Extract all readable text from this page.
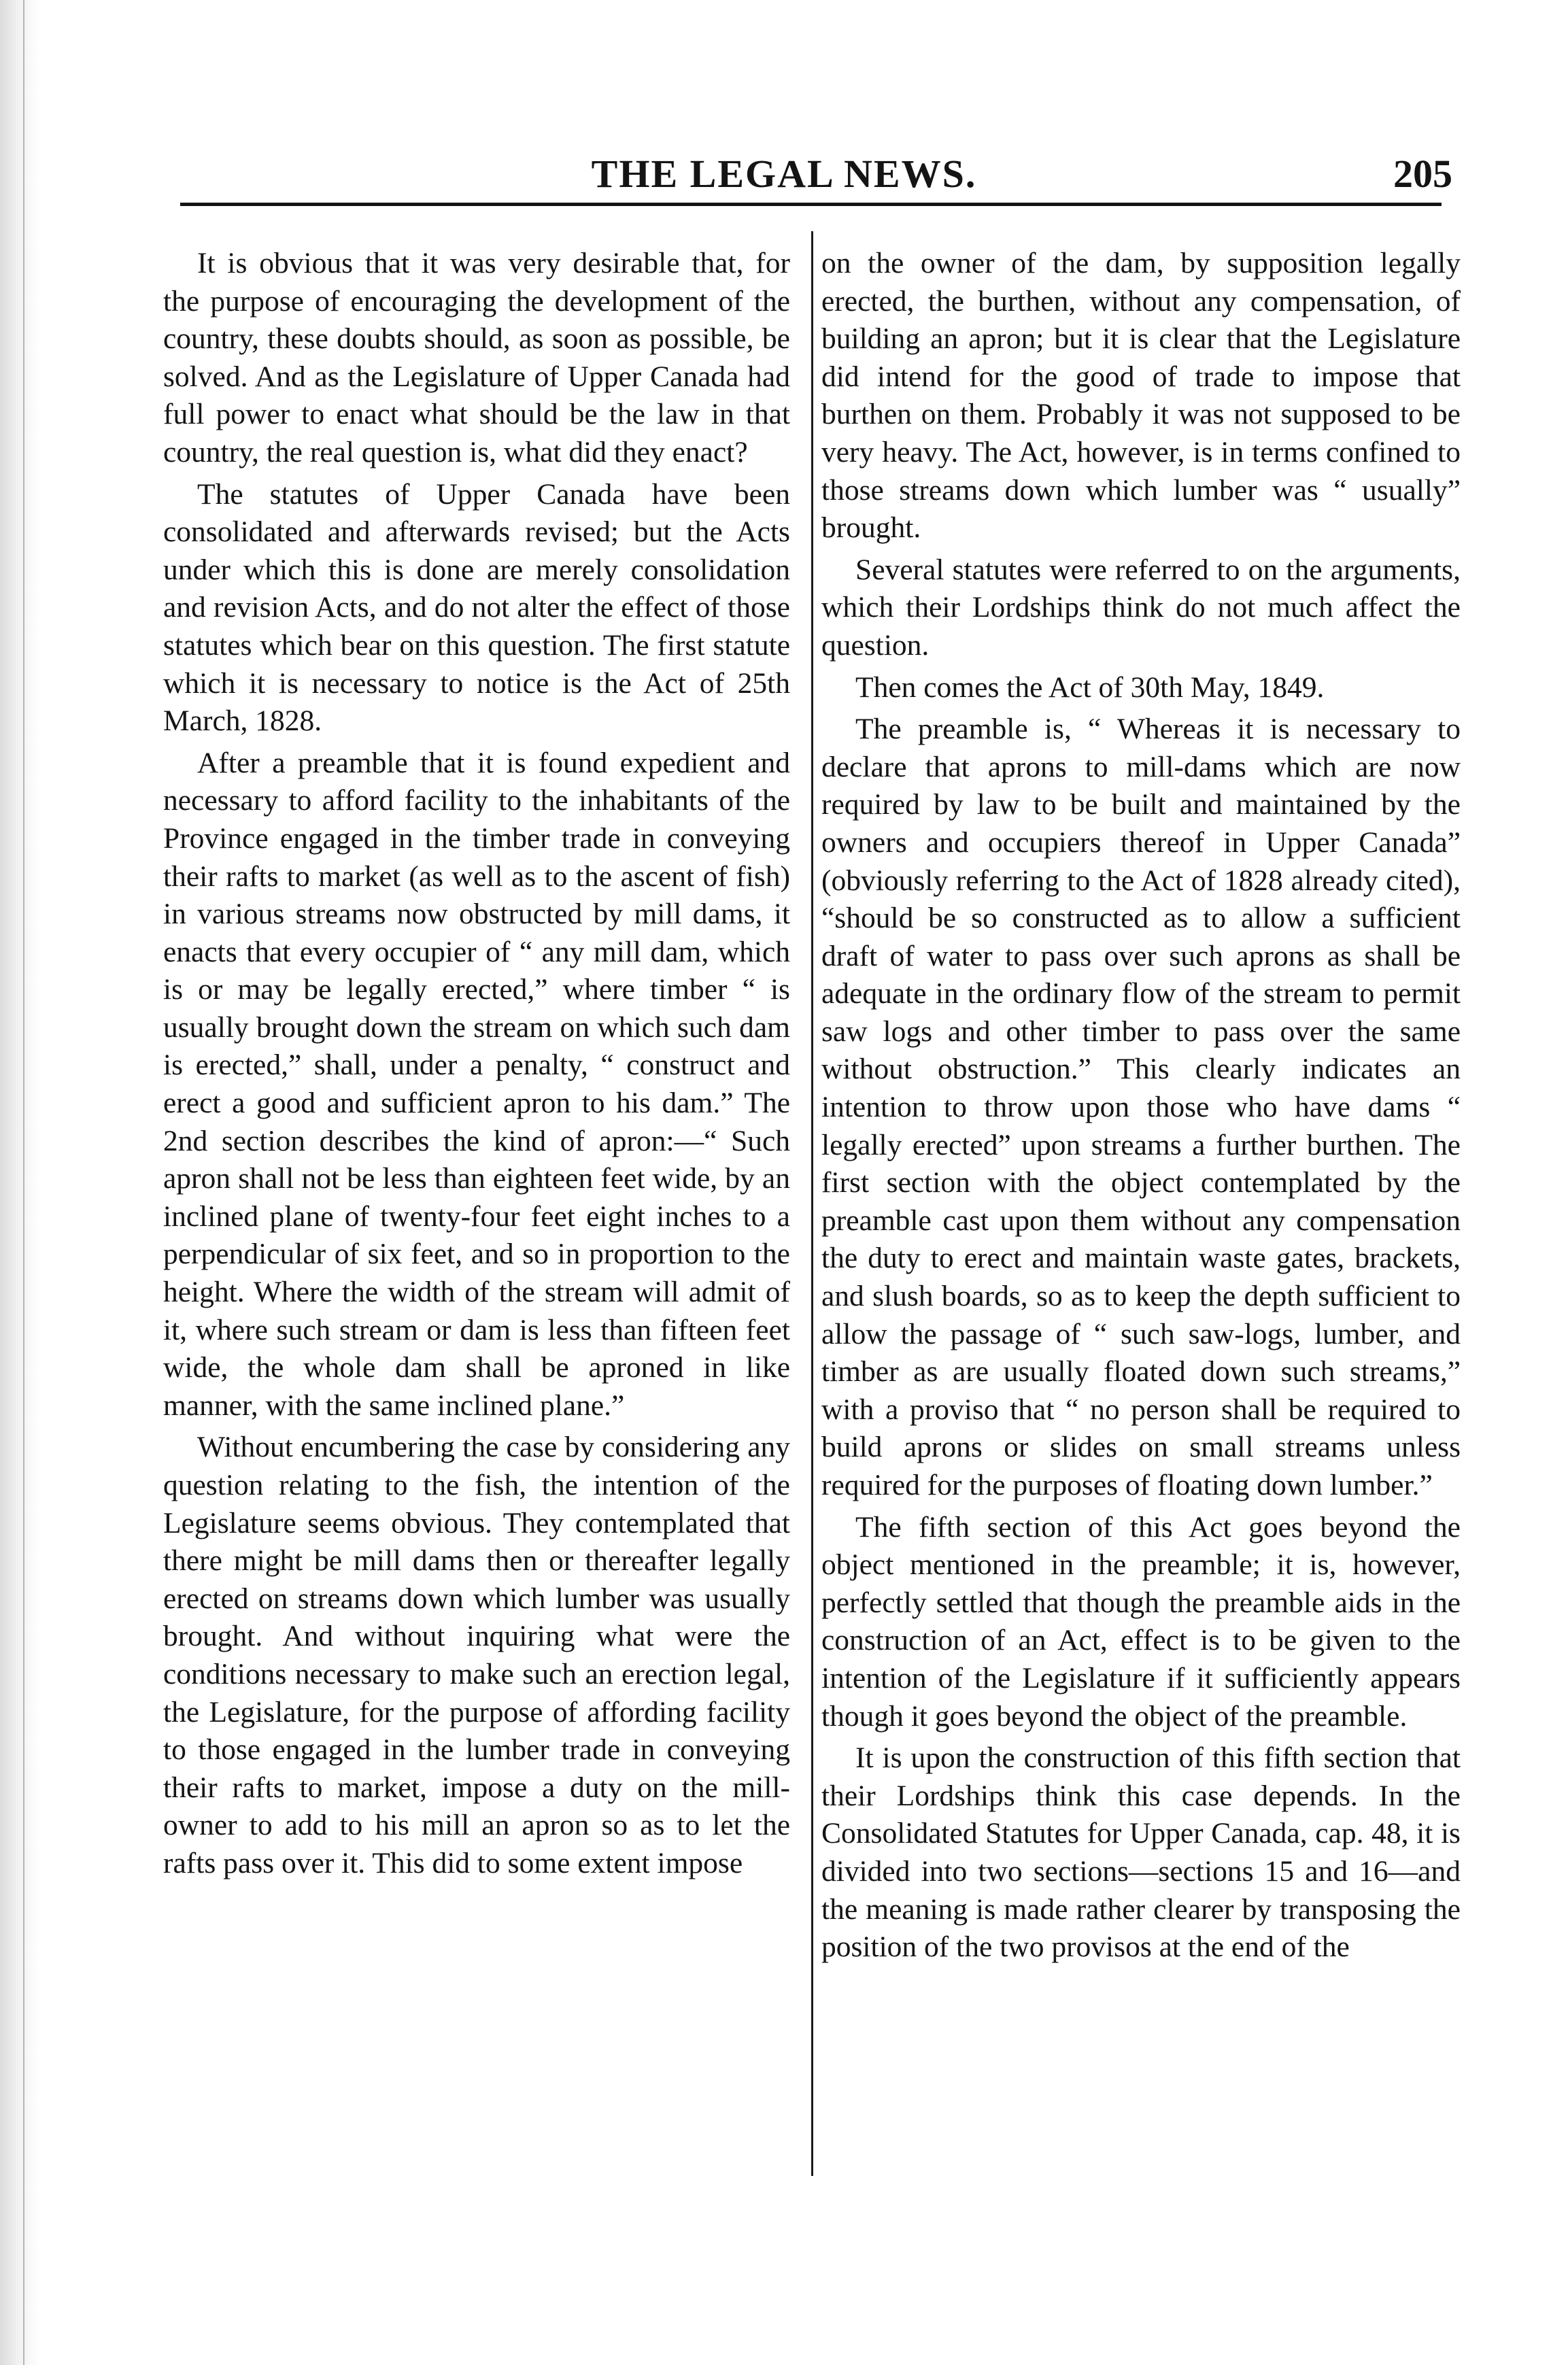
THE LEGAL NEWS.	205

It is obvious that it was very desirable that, for the purpose of encouraging the development of the country, these doubts should, as soon as possible, be solved. And as the Legislature of Upper Canada had full power to enact what should be the law in that country, the real question is, what did they enact?

The statutes of Upper Canada have been consolidated and afterwards revised; but the Acts under which this is done are merely consolidation and revision Acts, and do not alter the effect of those statutes which bear on this question. The first statute which it is necessary to notice is the Act of 25th March, 1828.

After a preamble that it is found expedient and necessary to afford facility to the inhabitants of the Province engaged in the timber trade in conveying their rafts to market (as well as to the ascent of fish) in various streams now obstructed by mill dams, it enacts that every occupier of “ any mill dam, which is or may be legally erected,” where timber “ is usually brought down the stream on which such dam is erected,” shall, under a penalty, “ construct and erect a good and sufficient apron to his dam.” The 2nd section describes the kind of apron:—“ Such apron shall not be less than eighteen feet wide, by an inclined plane of twenty-four feet eight inches to a perpendicular of six feet, and so in proportion to the height. Where the width of the stream will admit of it, where such stream or dam is less than fifteen feet wide, the whole dam shall be aproned in like manner, with the same inclined plane.”

Without encumbering the case by considering any question relating to the fish, the intention of the Legislature seems obvious. They contemplated that there might be mill dams then or thereafter legally erected on streams down which lumber was usually brought. And without inquiring what were the conditions necessary to make such an erection legal, the Legislature, for the purpose of affording facility to those engaged in the lumber trade in conveying their rafts to market, impose a duty on the mill-owner to add to his mill an apron so as to let the rafts pass over it. This did to some extent impose

on the owner of the dam, by supposition legally erected, the burthen, without any compensation, of building an apron; but it is clear that the Legislature did intend for the good of trade to impose that burthen on them. Probably it was not supposed to be very heavy. The Act, however, is in terms confined to those streams down which lumber was “ usually” brought.

Several statutes were referred to on the arguments, which their Lordships think do not much affect the question.

Then comes the Act of 30th May, 1849.

The preamble is, “ Whereas it is necessary to declare that aprons to mill-dams which are now required by law to be built and maintained by the owners and occupiers thereof in Upper Canada” (obviously referring to the Act of 1828 already cited), “should be so constructed as to allow a sufficient draft of water to pass over such aprons as shall be adequate in the ordinary flow of the stream to permit saw logs and other timber to pass over the same without obstruction.” This clearly indicates an intention to throw upon those who have dams “ legally erected” upon streams a further burthen. The first section with the object contemplated by the preamble cast upon them without any compensation the duty to erect and maintain waste gates, brackets, and slush boards, so as to keep the depth sufficient to allow the passage of “ such saw-logs, lumber, and timber as are usually floated down such streams,” with a proviso that “ no person shall be required to build aprons or slides on small streams unless required for the purposes of floating down lumber.”

The fifth section of this Act goes beyond the object mentioned in the preamble; it is, however, perfectly settled that though the preamble aids in the construction of an Act, effect is to be given to the intention of the Legislature if it sufficiently appears though it goes beyond the object of the preamble.

It is upon the construction of this fifth section that their Lordships think this case depends. In the Consolidated Statutes for Upper Canada, cap. 48, it is divided into two sections—sections 15 and 16—and the meaning is made rather clearer by transposing the position of the two provisos at the end of the
